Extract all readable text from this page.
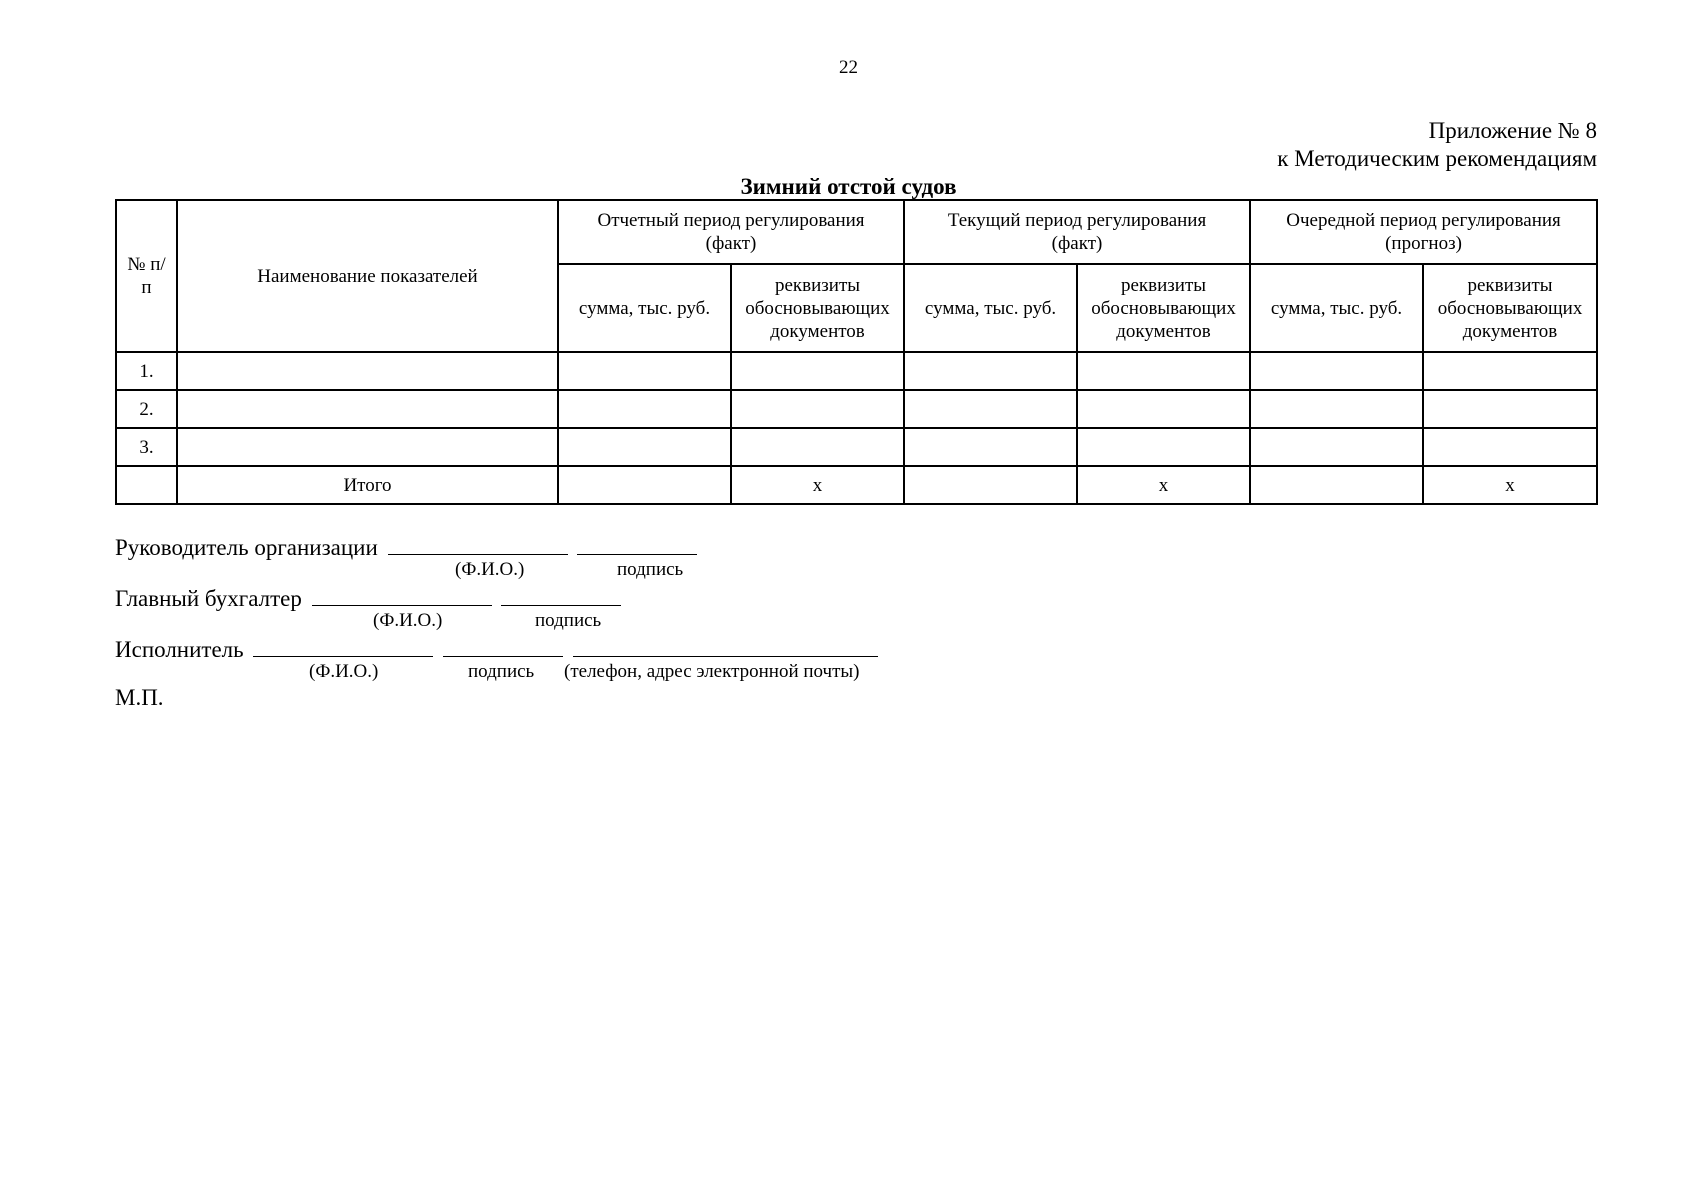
22
Приложение № 8
к Методическим рекомендациям
Зимний отстой судов
№ п/п	Наименование показателей	Отчетный период регулирования (факт)		Текущий период регулирования (факт)		Очередной период регулирования (прогноз)	
		сумма, тыс. руб.	реквизиты обосновывающих документов	сумма, тыс. руб.	реквизиты обосновывающих документов	сумма, тыс. руб.	реквизиты обосновывающих документов
1.							
2.							
3.							
	Итого		x		x		x
Руководитель организации
(Ф.И.О.)	подпись
Главный бухгалтер
(Ф.И.О.)	подпись
Исполнитель
(Ф.И.О.)	подпись (телефон, адрес электронной почты)
М.П.
